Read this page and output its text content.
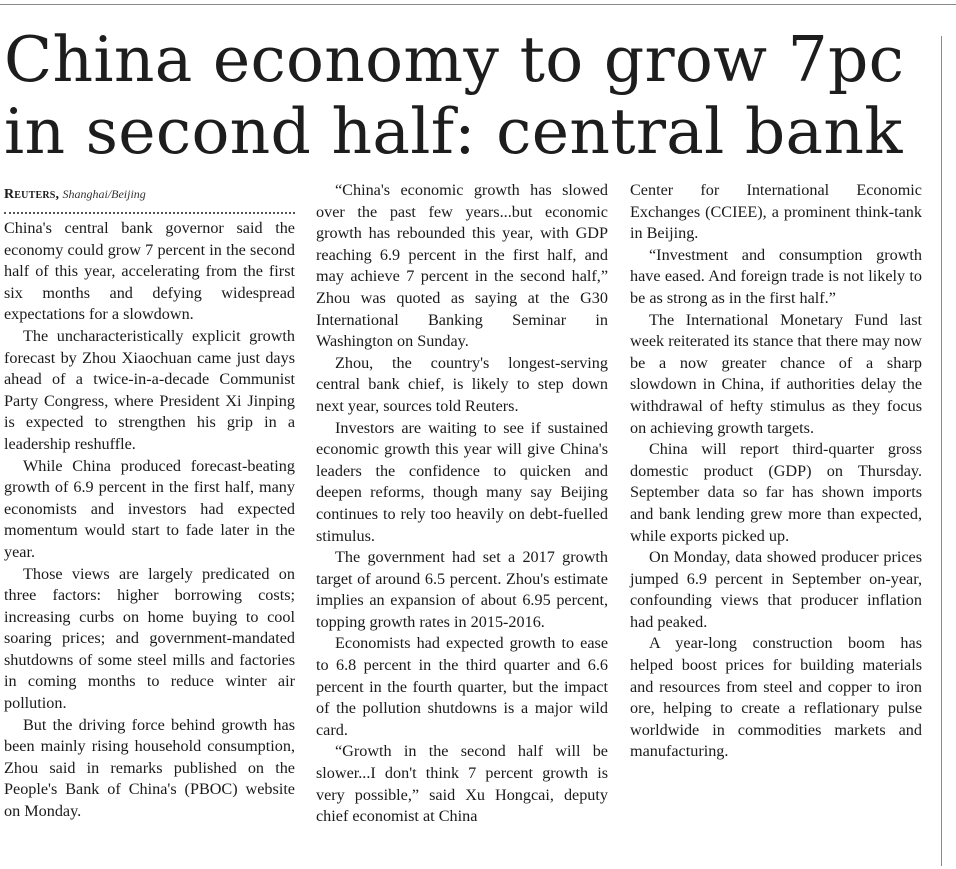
China economy to grow 7pc in second half: central bank
Reuters, Shanghai/Beijing

China's central bank governor said the economy could grow 7 percent in the second half of this year, accelerating from the first six months and defying widespread expectations for a slowdown.

The uncharacteristically explicit growth forecast by Zhou Xiaochuan came just days ahead of a twice-in-a-decade Communist Party Congress, where President Xi Jinping is expected to strengthen his grip in a leadership reshuffle.

While China produced forecast-beating growth of 6.9 percent in the first half, many economists and investors had expected momentum would start to fade later in the year.

Those views are largely predicated on three factors: higher borrowing costs; increasing curbs on home buying to cool soaring prices; and government-mandated shutdowns of some steel mills and factories in coming months to reduce winter air pollution.

But the driving force behind growth has been mainly rising household consumption, Zhou said in remarks published on the People's Bank of China's (PBOC) website on Monday.

“China's economic growth has slowed over the past few years...but economic growth has rebounded this year, with GDP reaching 6.9 percent in the first half, and may achieve 7 percent in the second half,” Zhou was quoted as saying at the G30 International Banking Seminar in Washington on Sunday.

Zhou, the country's longest-serving central bank chief, is likely to step down next year, sources told Reuters.

Investors are waiting to see if sustained economic growth this year will give China's leaders the confidence to quicken and deepen reforms, though many say Beijing continues to rely too heavily on debt-fuelled stimulus.

The government had set a 2017 growth target of around 6.5 percent. Zhou's estimate implies an expansion of about 6.95 percent, topping growth rates in 2015-2016.

Economists had expected growth to ease to 6.8 percent in the third quarter and 6.6 percent in the fourth quarter, but the impact of the pollution shutdowns is a major wild card.

“Growth in the second half will be slower...I don't think 7 percent growth is very possible,” said Xu Hongcai, deputy chief economist at China

Center for International Economic Exchanges (CCIEE), a prominent think-tank in Beijing.

“Investment and consumption growth have eased. And foreign trade is not likely to be as strong as in the first half.”

The International Monetary Fund last week reiterated its stance that there may now be a now greater chance of a sharp slowdown in China, if authorities delay the withdrawal of hefty stimulus as they focus on achieving growth targets.

China will report third-quarter gross domestic product (GDP) on Thursday. September data so far has shown imports and bank lending grew more than expected, while exports picked up.

On Monday, data showed producer prices jumped 6.9 percent in September on-year, confounding views that producer inflation had peaked.

A year-long construction boom has helped boost prices for building materials and resources from steel and copper to iron ore, helping to create a reflationary pulse worldwide in commodities markets and manufacturing.
